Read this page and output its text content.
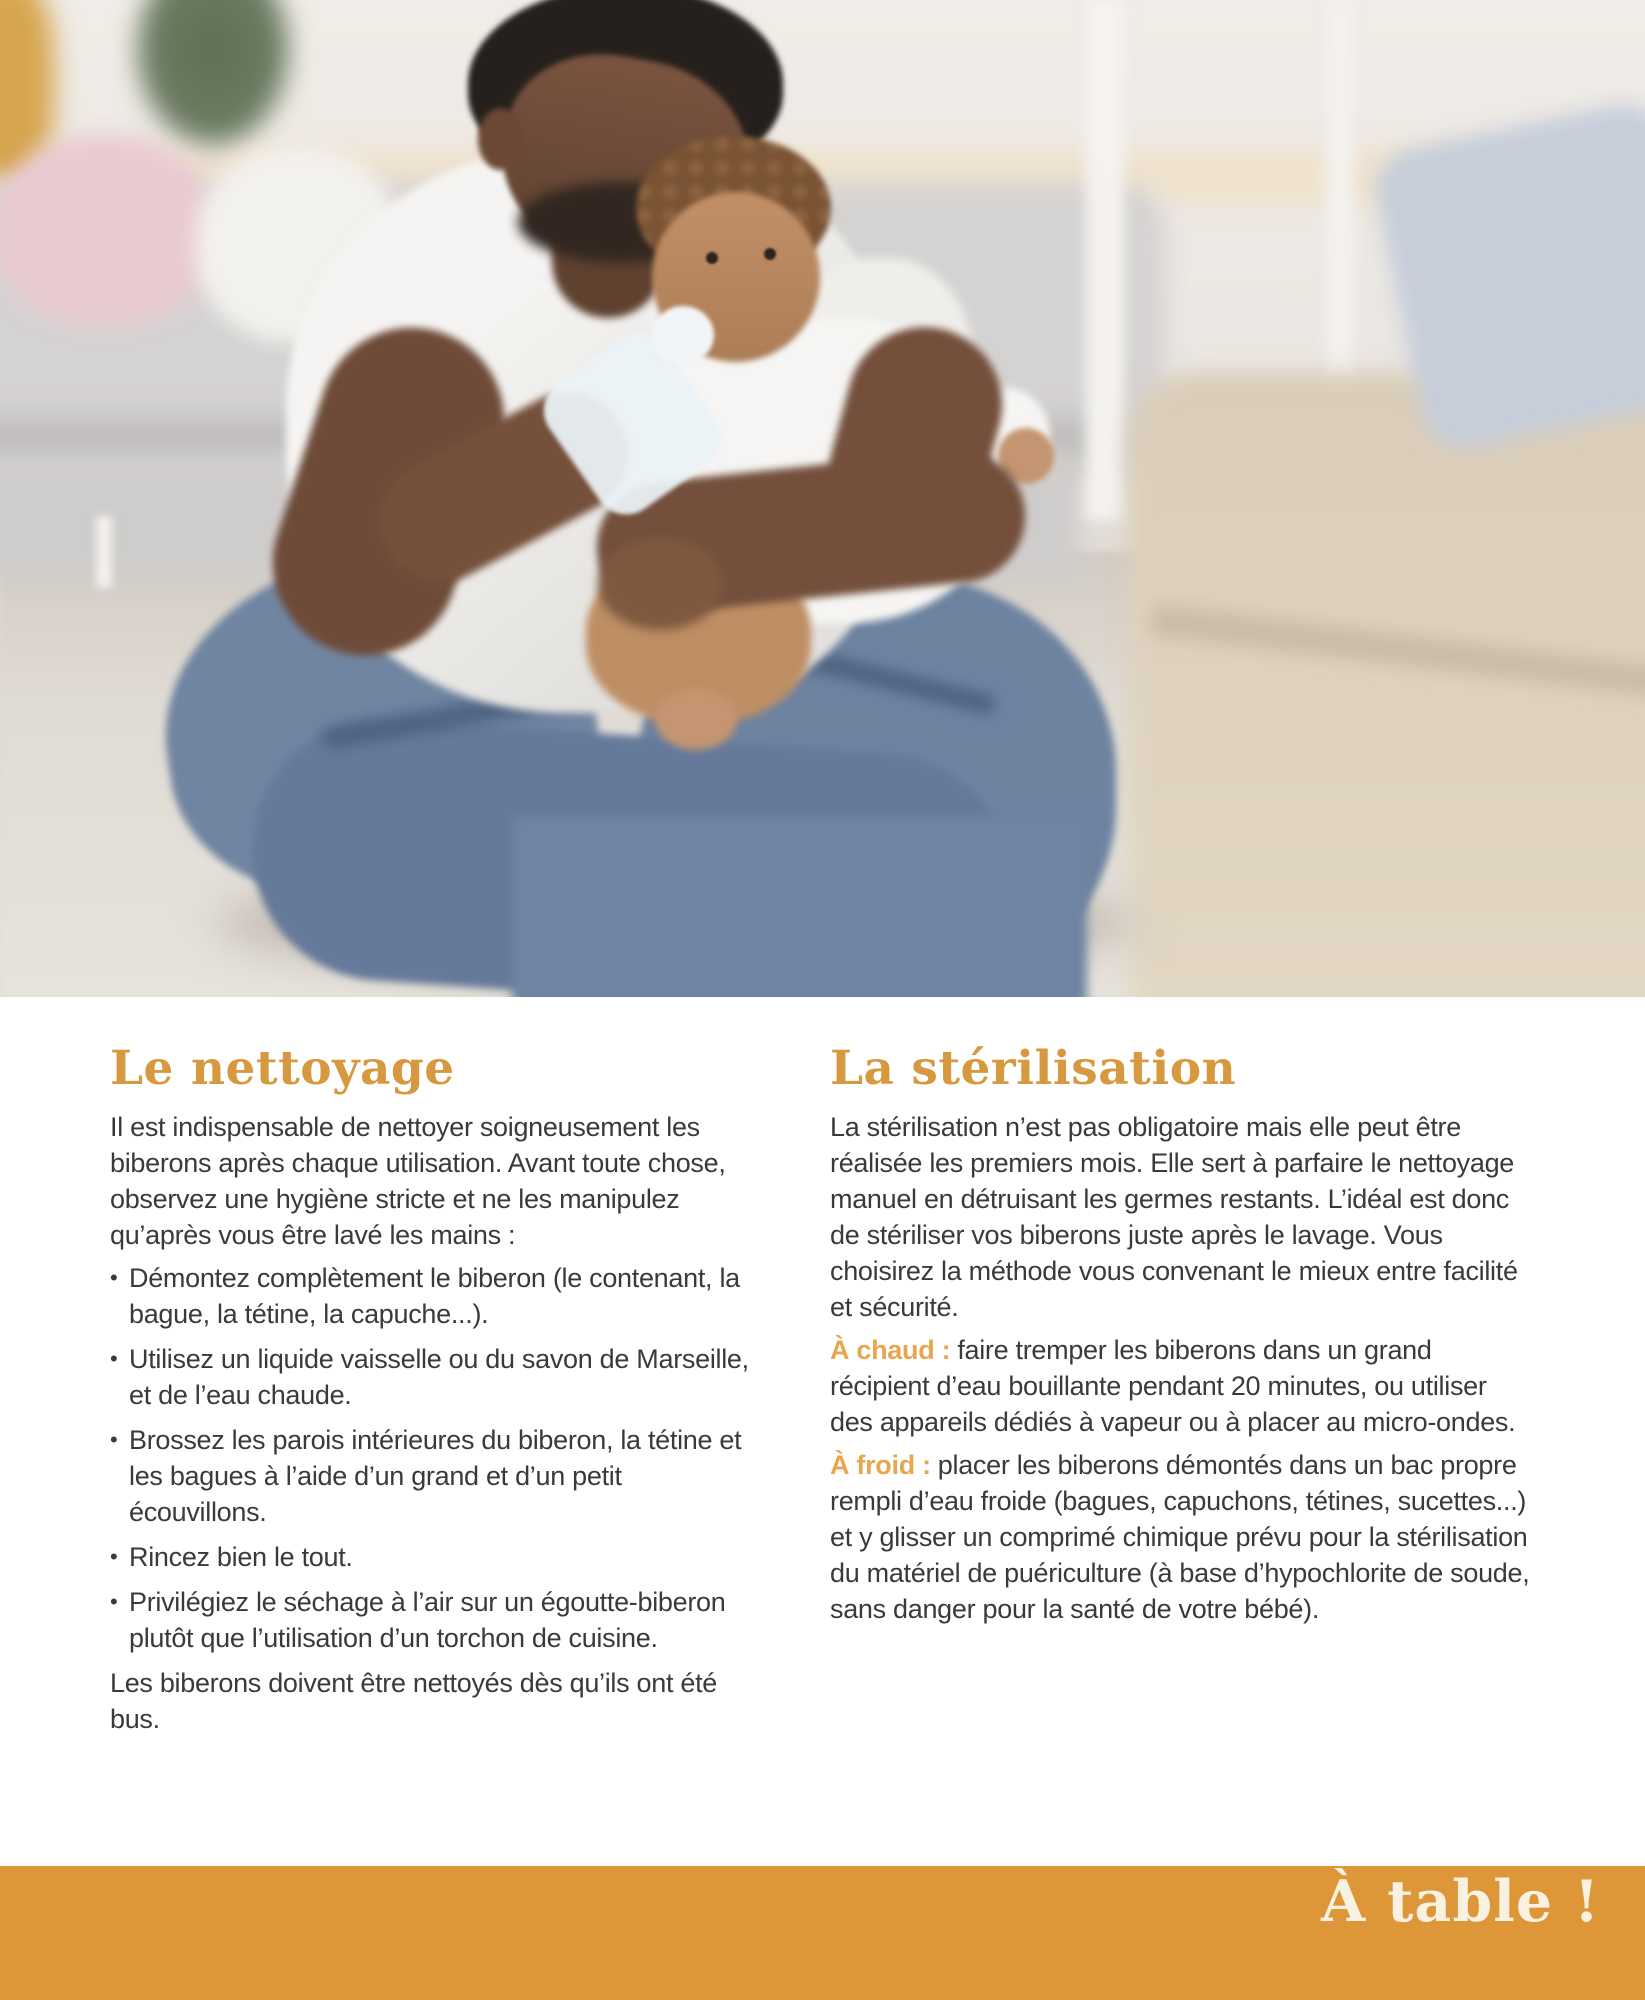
Le nettoyage

Il est indispensable de nettoyer soigneusement les biberons après chaque utilisation. Avant toute chose, observez une hygiène stricte et ne les manipulez qu’après vous être lavé les mains :

• Démontez complètement le biberon (le contenant, la bague, la tétine, la capuche...).
• Utilisez un liquide vaisselle ou du savon de Marseille, et de l’eau chaude.
• Brossez les parois intérieures du biberon, la tétine et les bagues à l’aide d’un grand et d’un petit écouvillons.
• Rincez bien le tout.
• Privilégiez le séchage à l’air sur un égoutte-biberon plutôt que l’utilisation d’un torchon de cuisine.

Les biberons doivent être nettoyés dès qu’ils ont été bus.

La stérilisation

La stérilisation n’est pas obligatoire mais elle peut être réalisée les premiers mois. Elle sert à parfaire le nettoyage manuel en détruisant les germes restants. L’idéal est donc de stériliser vos biberons juste après le lavage. Vous choisirez la méthode vous convenant le mieux entre facilité et sécurité.

À chaud : faire tremper les biberons dans un grand récipient d’eau bouillante pendant 20 minutes, ou utiliser des appareils dédiés à vapeur ou à placer au micro-ondes.

À froid : placer les biberons démontés dans un bac propre rempli d’eau froide (bagues, capuchons, tétines, sucettes...) et y glisser un comprimé chimique prévu pour la stérilisation du matériel de puériculture (à base d’hypochlorite de soude, sans danger pour la santé de votre bébé).

À table !
